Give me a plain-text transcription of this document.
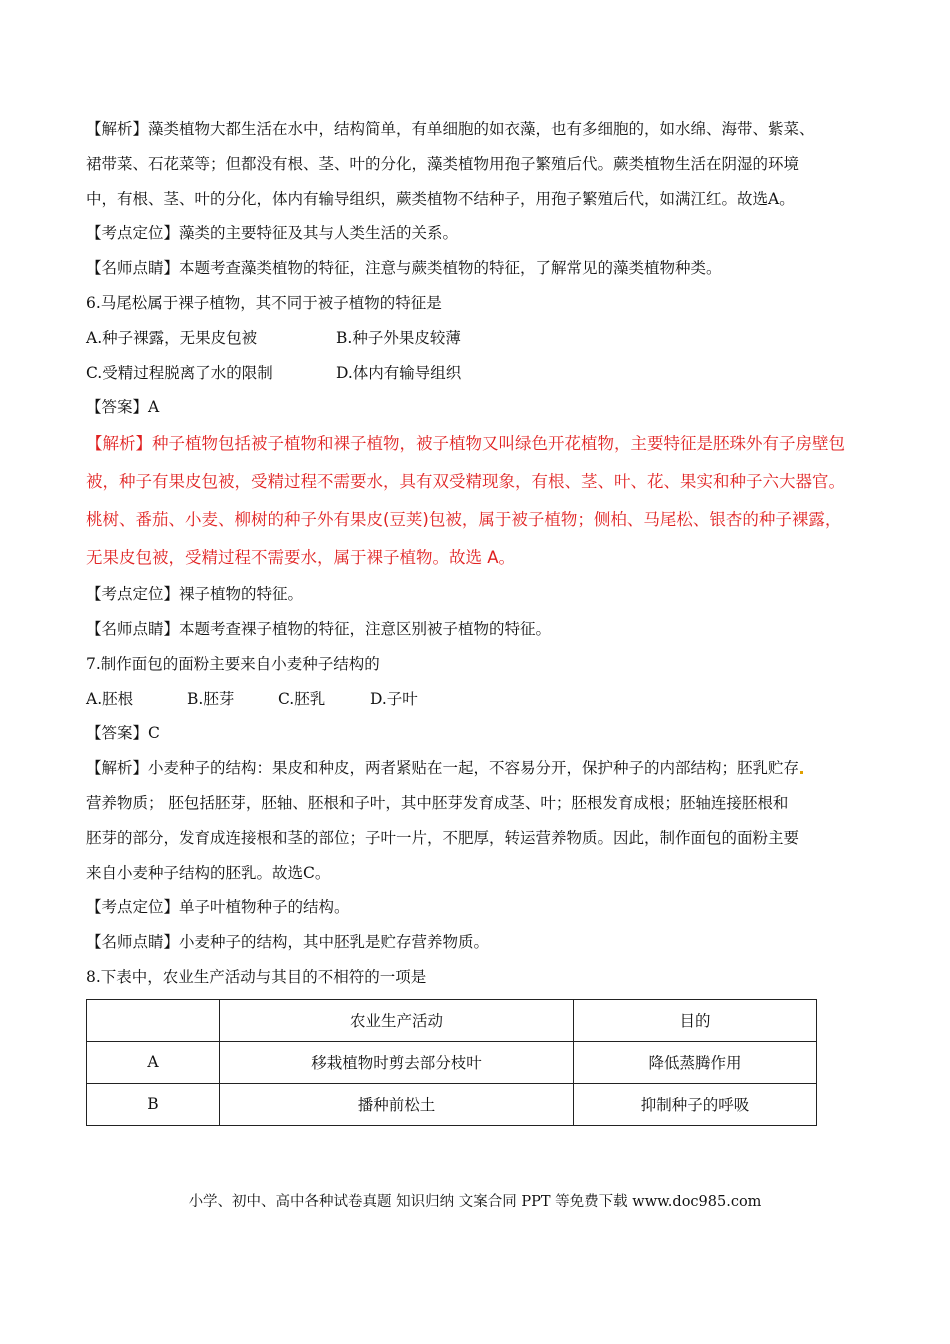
【解析】藻类植物大都生活在水中，结构简单，有单细胞的如衣藻，也有多细胞的，如水绵、海带、紫菜、

裙带菜、石花菜等；但都没有根、茎、叶的分化，藻类植物用孢子繁殖后代。蕨类植物生活在阴湿的环境

中，有根、茎、叶的分化，体内有输导组织，蕨类植物不结种子，用孢子繁殖后代，如满江红。故选A。

【考点定位】藻类的主要特征及其与人类生活的关系。

【名师点睛】本题考查藻类植物的特征，注意与蕨类植物的特征，了解常见的藻类植物种类。

6.马尾松属于裸子植物，其不同于被子植物的特征是

A.种子裸露，无果皮包被	B.种子外果皮较薄
C.受精过程脱离了水的限制	D.体内有输导组织

【答案】A

【解析】种子植物包括被子植物和裸子植物，被子植物又叫绿色开花植物，主要特征是胚珠外有子房壁包

被，种子有果皮包被，受精过程不需要水，具有双受精现象，有根、茎、叶、花、果实和种子六大器官。

桃树、番茄、小麦、柳树的种子外有果皮(豆荚)包被，属于被子植物；侧柏、马尾松、银杏的种子裸露，

无果皮包被，受精过程不需要水，属于裸子植物。故选 A。

【考点定位】裸子植物的特征。

【名师点睛】本题考查裸子植物的特征，注意区别被子植物的特征。

7.制作面包的面粉主要来自小麦种子结构的

A.胚根	B.胚芽	C.胚乳	D.子叶

【答案】C

【解析】小麦种子的结构：果皮和种皮，两者紧贴在一起，不容易分开，保护种子的内部结构；胚乳贮存

营养物质； 胚包括胚芽，胚轴、胚根和子叶，其中胚芽发育成茎、叶；胚根发育成根；胚轴连接胚根和

胚芽的部分，发育成连接根和茎的部位；子叶一片，不肥厚，转运营养物质。因此，制作面包的面粉主要

来自小麦种子结构的胚乳。故选C。

【考点定位】单子叶植物种子的结构。

【名师点睛】小麦种子的结构，其中胚乳是贮存营养物质。

8.下表中，农业生产活动与其目的不相符的一项是

	农业生产活动	目的
A	移栽植物时剪去部分枝叶	降低蒸腾作用
B	播种前松土	抑制种子的呼吸
小学、初中、高中各种试卷真题 知识归纳 文案合同 PPT 等免费下载 www.doc985.com
